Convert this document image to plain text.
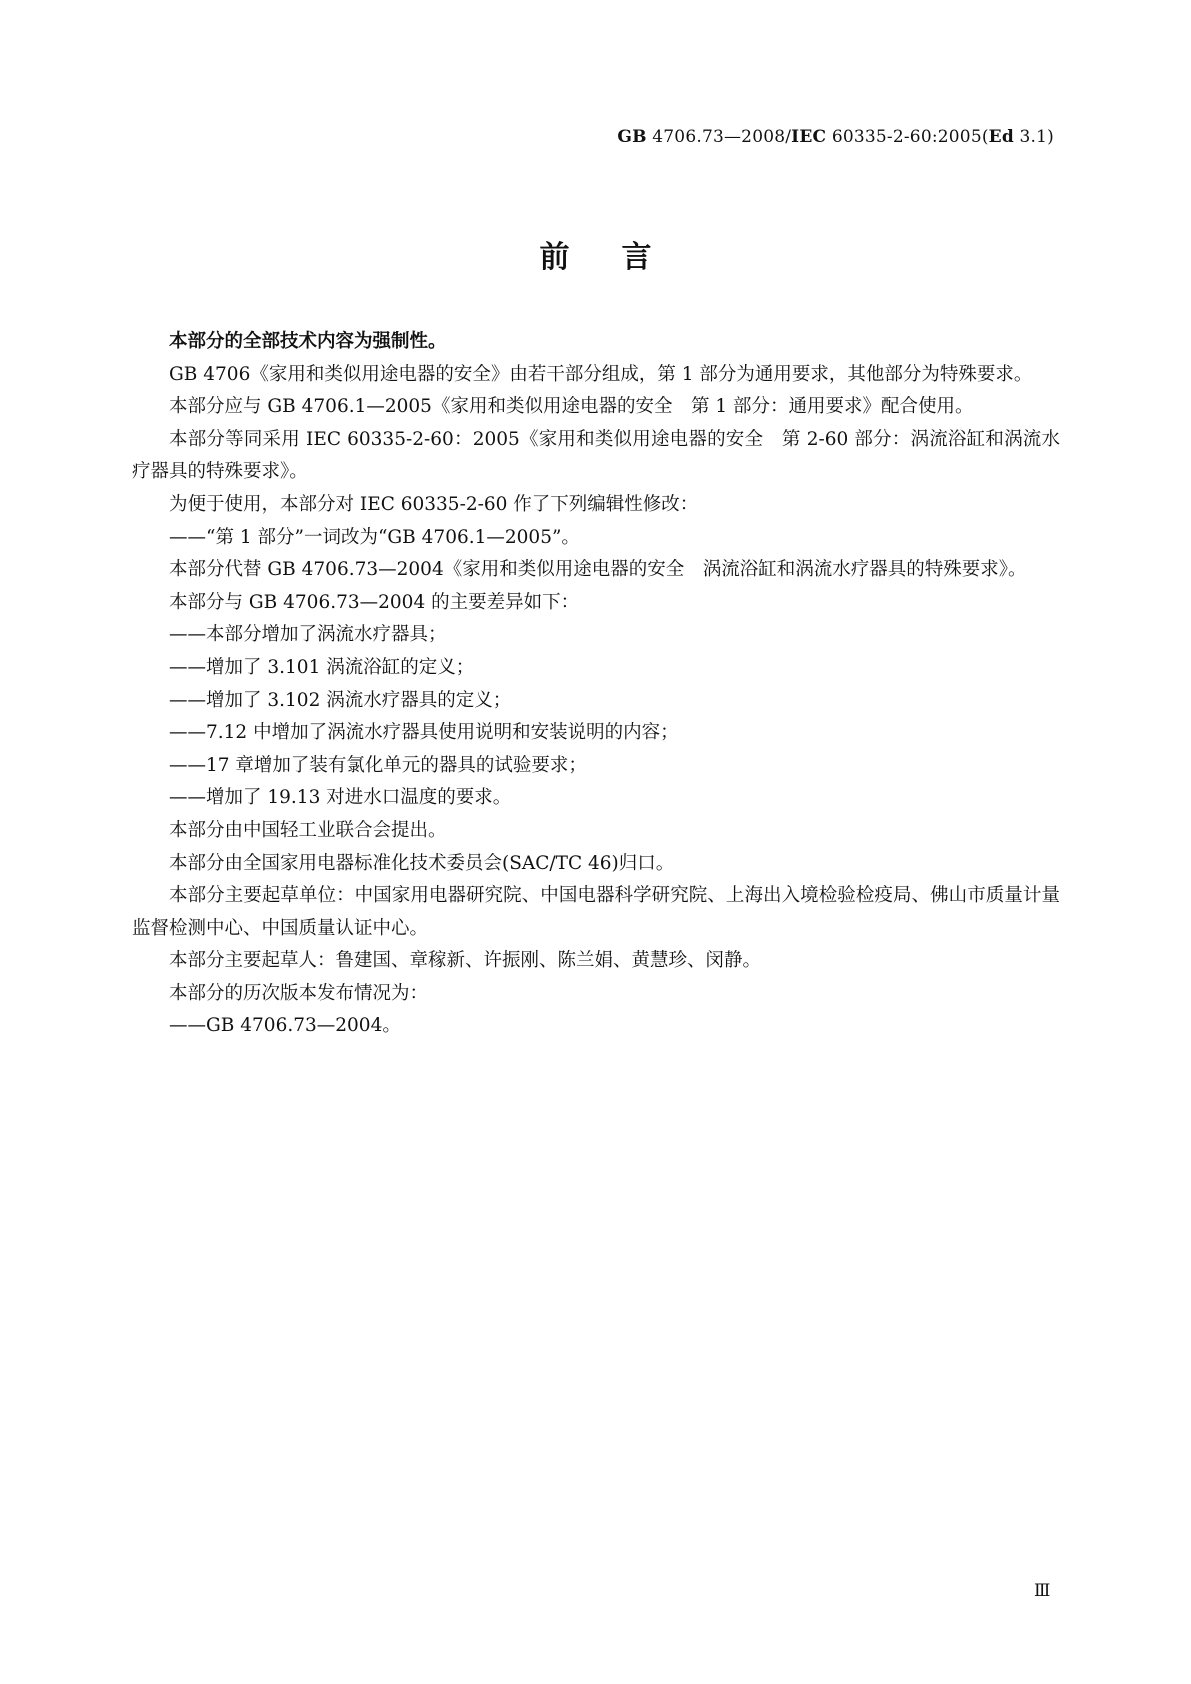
GB 4706.73—2008/IEC 60335-2-60:2005(Ed 3.1)
前言

本部分的全部技术内容为强制性。

GB 4706《家用和类似用途电器的安全》由若干部分组成，第 1 部分为通用要求，其他部分为特殊要求。

本部分应与 GB 4706.1—2005《家用和类似用途电器的安全　第 1 部分：通用要求》配合使用。

本部分等同采用 IEC 60335-2-60：2005《家用和类似用途电器的安全　第 2-60 部分：涡流浴缸和涡流水疗器具的特殊要求》。

为便于使用，本部分对 IEC 60335-2-60 作了下列编辑性修改：

——“第 1 部分”一词改为“GB 4706.1—2005”。

本部分代替 GB 4706.73—2004《家用和类似用途电器的安全　涡流浴缸和涡流水疗器具的特殊要求》。

本部分与 GB 4706.73—2004 的主要差异如下：

——本部分增加了涡流水疗器具；

——增加了 3.101 涡流浴缸的定义；

——增加了 3.102 涡流水疗器具的定义；

——7.12 中增加了涡流水疗器具使用说明和安装说明的内容；

——17 章增加了装有氯化单元的器具的试验要求；

——增加了 19.13 对进水口温度的要求。

本部分由中国轻工业联合会提出。

本部分由全国家用电器标准化技术委员会(SAC/TC 46)归口。

本部分主要起草单位：中国家用电器研究院、中国电器科学研究院、上海出入境检验检疫局、佛山市质量计量监督检测中心、中国质量认证中心。

本部分主要起草人：鲁建国、章稼新、许振刚、陈兰娟、黄慧珍、闵静。

本部分的历次版本发布情况为：

——GB 4706.73—2004。

Ⅲ
